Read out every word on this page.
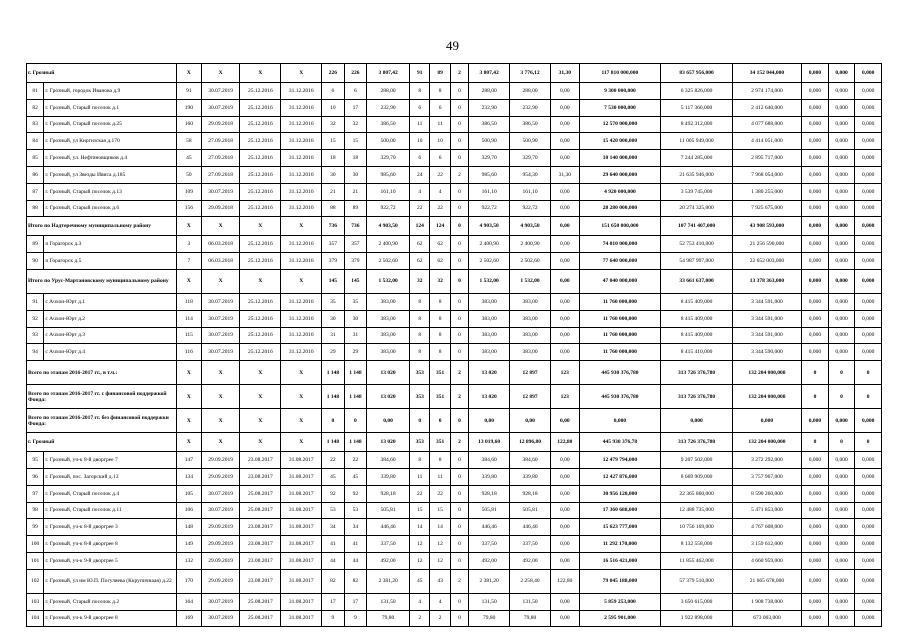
49
г. Грозный		X	X	X	X	226	226	3 807,42	91	89	2	3 807,42	3 776,12	31,30	117 810 000,000	83 657 956,000	34 152 044,000	0,000	0,000	0,000
81	г. Грозный, городок Иванова д.9	91	30.07.2019	25.12.2016	31.12.2016	6	6	288,00	8	8	0	288,00	288,00	0,00	9 300 000,000	6 325 826,000	2 974 174,000	0,000	0,000	0,000
82	г. Грозный, Старый поселок д.1	190	30.07.2019	25.12.2016	31.12.2016	10	17	232,90	6	6	0	232,90	232,90	0,00	7 530 000,000	5 117 360,000	2 412 640,000	0,000	0,000	0,000
83	г. Грозный, Старый поселок д.25	160	29.09.2018	25.12.2016	31.12.2016	32	32	386,50	11	11	0	386,50	386,50	0,00	12 570 000,000	8 492 312,000	4 077 688,000	0,000	0,000	0,000
84	г. Грозный, ул Киргизская д.170	58	27.09.2018	25.12.2016	31.12.2016	15	15	500,00	10	10	0	500,90	500,90	0,00	15 420 000,000	11 005 949,000	4 414 051,000	0,000	0,000	0,000
85	г. Грозный, ул. Нефтяновщиков д.4	45	27.09.2018	25.12.2016	31.12.2016	18	18	329,70	6	6	0	329,70	329,70	0,00	10 140 000,000	7 244 285,000	2 895 717,000	0,000	0,000	0,000
86	г. Грозный, ул Звезды Ивиса д.185	50	27.09.2018	25.12.2016	31.12.2016	30	30	985,60	24	22	2	985,60	954,30	31,30	29 640 000,000	21 635 946,000	7 968 054,000	0,000	0,000	0,000
87	г. Грозный, Старый поселок д.13	109	30.07.2019	25.12.2016	31.12.2016	21	21	161,10	4	4	0	161,10	161,10	0,00	4 920 000,000	3 539 745,000	1 380 255,000	0,000	0,000	0,000
88	г. Грозный, Старый поселок д.6	156	29.09.2018	25.12.2016	31.12.2016	88	89	922,72	22	22	0	922,72	922,72	0,00	28 280 000,000	20 274 325,000	7 925 675,000	0,000	0,000	0,000
Итого по Надтеречному муниципальному району		X	X	X	X	736	736	4 903,50	124	124	0	4 903,50	4 903,50	0,00	151 650 000,000	107 741 407,000	43 908 593,000	0,000	0,000	0,000
89	п Горагорск д.3	3	06.03.2018	25.12.2016	31.12.2016	357	357	2 400,90	62	62	0	2 400,90	2 400,90	0,00	74 010 000,000	52 753 410,000	21 256 590,000	0,000	0,000	0,000
90	п Горагорск д.5	7	06.03.2018	25.12.2016	31.12.2016	379	379	2 502,60	62	62	0	2 502,60	2 502,60	0,00	77 640 000,000	54 987 997,000	22 652 003,000	0,000	0,000	0,000
Итого по Урус-Мартановскому муниципальному району		X	X	X	X	145	145	1 532,00	32	32	0	1 532,00	1 532,00	0,00	47 040 000,000	33 661 637,000	13 378 363,000	0,000	0,000	0,000
91	с Ачхои-Юрт д.1	118	30.07.2019	25.12.2016	31.12.2016	35	35	383,00	8	8	0	383,00	383,00	0,00	11 760 000,000	8 415 409,000	3 344 591,000	0,000	0,000	0,000
92	с Ачхои-Юрт д.2	114	30.07.2019	25.12.2016	31.12.2016	30	30	383,00	8	8	0	383,00	383,00	0,00	11 760 000,000	8 415 409,000	3 344 591,000	0,000	0,000	0,000
93	с Ачхои-Юрт д.3	115	30.07.2019	25.12.2016	31.12.2016	31	31	383,00	8	8	0	383,00	383,00	0,00	11 760 000,000	8 415 409,000	3 344 591,000	0,000	0,000	0,000
94	с Ачхои-Юрт д.4	116	30.07.2019	25.12.2016	31.12.2016	29	29	383,00	8	8	0	383,00	383,00	0,00	11 760 000,000	8 415 410,000	3 344 590,000	0,000	0,000	0,000
Всего по этапам 2016-2017 гг., в т.ч.:		X	X	X	X	1 148	1 148	13 020	353	351	2	13 020	12 897	123	445 930 376,780	313 726 376,780	132 204 000,000	0	0	0
Всего по этапам 2016-2017 гг. с финансовой поддержкой Фонда:		X	X	X	X	1 148	1 148	13 020	353	351	2	13 020	12 897	123	445 930 376,780	313 726 376,780	132 204 000,000	0	0	0
Всего по этапам 2016-2017 гг. без финансовой поддержки Фонда:		X	X	X	X	0	0	0,00	0	0	0	0,00	0,00	0,00	0,000	0,000	0,000	0,000	0,000	0,000
г. Грозный		X	X	X	X	1 148	1 148	13 020	353	351	2	13 019,60	12 896,80	122,80	445 930 376,78	313 726 376,780	132 204 000,000	0	0	0
95	г. Грозный, уч-к 8-й дворгрее 7	147	29.09.2019	23.08.2017	31.08.2017	22	22	384,60	8	8	0	384,60	384,60	0,00	12 479 794,000	9 207 502,000	3 272 292,000	0,000	0,000	0,000
96	г. Грозный, пос. Загорский д.13	134	29.09.2019	23.08.2017	31.08.2017	45	45	339,80	11	11	0	339,80	339,80	0,00	12 427 876,000	8 669 909,000	3 757 967,000	0,000	0,000	0,000
97	г. Грозный, Старый поселок д.4	105	30.07.2019	25.08.2017	31.08.2017	92	92	928,18	22	22	0	928,18	928,18	0,00	30 956 120,000	22 365 860,000	8 590 260,000	0,000	0,000	0,000
98	г. Грозный, Старый поселок д.11	106	30.07.2019	25.08.2017	31.08.2017	53	53	505,81	15	15	0	505,81	505,81	0,00	17 360 688,000	12 488 735,000	5 471 853,000	0,000	0,000	0,000
99	г. Грозный, уч-к 8-й дворгрее 3	148	29.09.2019	23.08.2017	31.08.2017	34	34	446,46	14	14	0	446,46	446,46	0,00	15 623 777,000	10 756 169,000	4 767 608,000	0,000	0,000	0,000
100	г. Грозный, уч-к 8-й дворгрее 8	149	29.09.2019	23.08.2017	31.08.2017	41	41	337,50	12	12	0	337,50	337,50	0,00	11 292 170,000	8 132 558,000	3 159 612,000	0,000	0,000	0,000
101	г. Грозный, уч-к 9-й дворгрее 5	132	29.09.2019	23.08.2017	31.08.2017	44	44	492,00	12	12	0	492,00	492,00	0,00	16 516 421,000	11 855 462,000	4 660 959,000	0,000	0,000	0,000
102	г. Грозный, ул им Ю.П. Погуляева (Ккрупичнаая) д.22	170	29.09.2019	23.08.2017	31.08.2017	82	82	2 381,20	45	43	2	2 381,20	2 258,40	122,80	79 045 188,000	57 379 510,000	21 665 678,000	0,000	0,000	0,000
103	г. Грозный, Старый поселок д.2	164	30.07.2019	25.08.2017	31.08.2017	17	17	131,50	4	4	0	131,50	131,50	0,00	5 859 253,000	3 650 615,000	1 908 738,000	0,000	0,000	0,000
104	г. Грозный, уч-к 9-й дворгрее 8	169	30.07.2019	25.08.2017	31.08.2017	9	9	79,80	2	2	0	79,80	79,80	0,00	2 595 901,000	1 922 898,000	673 003,000	0,000	0,000	0,000
